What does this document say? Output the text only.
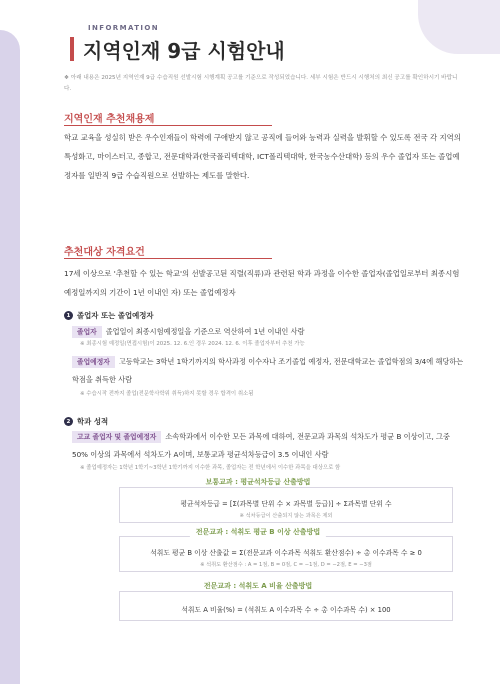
INFORMATION
지역인재 9급 시험안내
❖ 아래 내용은 2025년 지역인재 9급 수습직원 선발시험 시행계획 공고를 기준으로 작성되었습니다. 세부 시험은 반드시 시행처의 최신 공고를 확인하시기 바랍니다.
지역인재 추천채용제
학교 교육을 성실히 받은 우수인재들이 학력에 구애받지 않고 공직에 들어와 능력과 실력을 발휘할 수 있도록 전국 각 지역의 특성화고, 마이스터고, 종합고, 전문대학과(한국폴리텍대학, ICT폴리텍대학, 한국농수산대학) 등의 우수 졸업자 또는 졸업예정자를 일반직 9급 수습직원으로 선발하는 제도를 말한다.
추천대상 자격요건
17세 이상으로 '추천할 수 있는 학교'의 선발공고된 직렬(직류)과 관련된 학과 과정을 이수한 졸업자(졸업일로부터 최종시험 예정일까지의 기간이 1년 이내인 자) 또는 졸업예정자
1 졸업자 또는 졸업예정자
졸업자 졸업일이 최종시험예정일을 기준으로 역산하여 1년 이내인 사람
※ 최종시험 예정일(면접시험)이 2025. 12. 6.인 경우 2024. 12. 6. 이후 졸업자부터 추천 가능
졸업예정자 고등학교는 3학년 1학기까지의 학사과정 이수자나 조기졸업 예정자, 전문대학교는 졸업학점의 3/4에 해당하는 학점을 취득한 사람
※ 수습시작 전까지 졸업(전문학사학위 취득)하지 못할 경우 합격이 취소됨
2 학과 성적
고교 졸업자 및 졸업예정자 소속학과에서 이수한 모든 과목에 대하여, 전문교과 과목의 석차도가 평균 B 이상이고, 그중 50% 이상의 과목에서 석차도가 A이며, 보통교과 평균석차등급이 3.5 이내인 사람
※ 졸업예정자는 1학년 1학기~3학년 1학기까지 이수한 과목, 졸업자는 전 학년에서 이수한 과목을 대상으로 함
평균석차등급 = [Σ(과목별 단위 수 × 과목별 등급)] ÷ Σ과목별 단위 수
※ 석차등급이 산출되지 않는 과목은 제외
보통교과 : 평균석차등급 산출방법
석취도 평균 B 이상 산출값 = Σ(전문교과 이수과목 석취도 환산점수) ÷ 총 이수과목 수 ≥ 0
※ 석취도 환산점수 : A = 1점, B = 0점, C = −1점, D = −2점, E = −3점
전문교과 : 석취도 평균 B 이상 산출방법
석취도 A 비율(%) = (석취도 A 이수과목 수 ÷ 총 이수과목 수) × 100
전문교과 : 석취도 A 비율 산출방법
